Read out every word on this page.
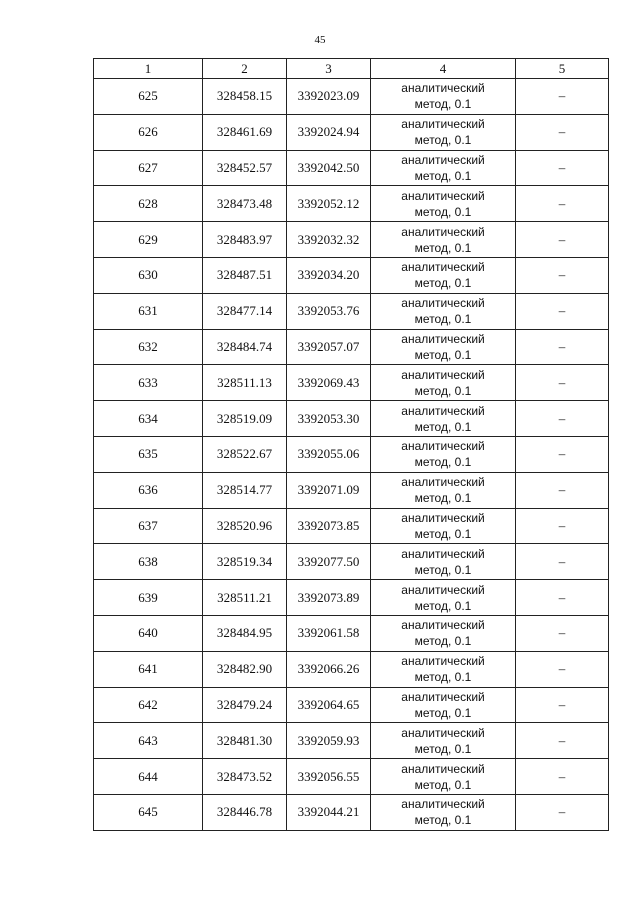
45
1	2	3	4	5
625	328458.15	3392023.09	аналитический
метод, 0.1	–
626	328461.69	3392024.94	аналитический
метод, 0.1	–
627	328452.57	3392042.50	аналитический
метод, 0.1	–
628	328473.48	3392052.12	аналитический
метод, 0.1	–
629	328483.97	3392032.32	аналитический
метод, 0.1	–
630	328487.51	3392034.20	аналитический
метод, 0.1	–
631	328477.14	3392053.76	аналитический
метод, 0.1	–
632	328484.74	3392057.07	аналитический
метод, 0.1	–
633	328511.13	3392069.43	аналитический
метод, 0.1	–
634	328519.09	3392053.30	аналитический
метод, 0.1	–
635	328522.67	3392055.06	аналитический
метод, 0.1	–
636	328514.77	3392071.09	аналитический
метод, 0.1	–
637	328520.96	3392073.85	аналитический
метод, 0.1	–
638	328519.34	3392077.50	аналитический
метод, 0.1	–
639	328511.21	3392073.89	аналитический
метод, 0.1	–
640	328484.95	3392061.58	аналитический
метод, 0.1	–
641	328482.90	3392066.26	аналитический
метод, 0.1	–
642	328479.24	3392064.65	аналитический
метод, 0.1	–
643	328481.30	3392059.93	аналитический
метод, 0.1	–
644	328473.52	3392056.55	аналитический
метод, 0.1	–
645	328446.78	3392044.21	аналитический
метод, 0.1	–
